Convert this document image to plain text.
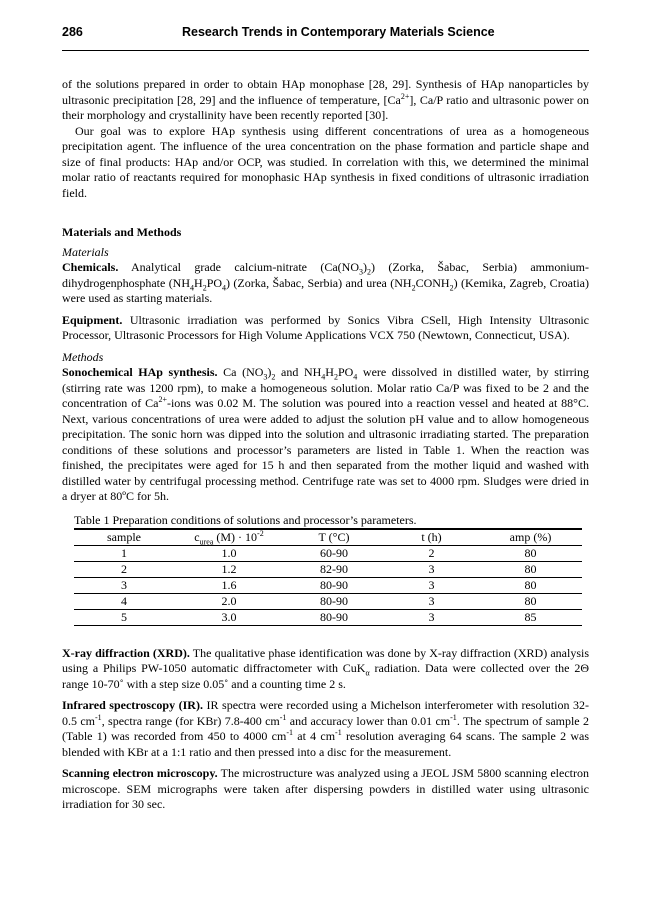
286	Research Trends in Contemporary Materials Science

of the solutions prepared in order to obtain HAp monophase [28, 29]. Synthesis of HAp nanoparticles by ultrasonic precipitation [28, 29] and the influence of temperature, $[Ca^{2+}]$, Ca/P ratio and ultrasonic power on their morphology and crystallinity have been recently reported [30].

Our goal was to explore HAp synthesis using different concentrations of urea as a homogeneous precipitation agent. The influence of the urea concentration on the phase formation and particle shape and size of final products: HAp and/or OCP, was studied. In correlation with this, we determined the minimal molar ratio of reactants required for monophasic HAp synthesis in fixed conditions of ultrasonic irradiation field.

Materials and Methods

Materials

Chemicals. Analytical grade calcium-nitrate $(Ca(NO_3)_2)$ (Zorka, Šabac, Serbia) ammonium-dihydrogenphosphate $(NH_4H_2PO_4)$ (Zorka, Šabac, Serbia) and urea $(NH_2CONH_2)$ (Kemika, Zagreb, Croatia) were used as starting materials.

Equipment. Ultrasonic irradiation was performed by Sonics Vibra CSell, High Intensity Ultrasonic Processor, Ultrasonic Processors for High Volume Applications VCX 750 (Newtown, Connecticut, USA).

Methods

Sonochemical HAp synthesis. Ca $(NO_3)_2$ and $NH_4H_2PO_4$ were dissolved in distilled water, by stirring (stirring rate was 1200 rpm), to make a homogeneous solution. Molar ratio Ca/P was fixed to be 2 and the concentration of $Ca^{2+}$-ions was 0.02 M. The solution was poured into a reaction vessel and heated at 88°C. Next, various concentrations of urea were added to adjust the solution pH value and to allow homogeneous precipitation. The sonic horn was dipped into the solution and ultrasonic irradiating started. The preparation conditions of these solutions and processor’s parameters are listed in Table 1. When the reaction was finished, the precipitates were aged for 15 h and then separated from the mother liquid and washed with distilled water by centrifugal processing method. Centrifuge rate was set to 4000 rpm. Sludges were dried in a dryer at 80ºC for 5h.

Table 1 Preparation conditions of solutions and processor’s parameters.
sample	$c_{urea}$ $(M) \cdot 10^{-2}$	T (°C)	t (h)	amp (%)
1	1.0	60-90	2	80
2	1.2	82-90	3	80
3	1.6	80-90	3	80
4	2.0	80-90	3	80
5	3.0	80-90	3	85

X-ray diffraction (XRD). The qualitative phase identification was done by X-ray diffraction (XRD) analysis using a Philips PW-1050 automatic diffractometer with CuK$_\alpha$ radiation. Data were collected over the 2Θ range 10-70˚ with a step size 0.05˚ and a counting time 2 s.

Infrared spectroscopy (IR). IR spectra were recorded using a Michelson interferometer with resolution 32-0.5 $cm^{-1}$, spectra range (for KBr) 7.8-400 $cm^{-1}$ and accuracy lower than 0.01 $cm^{-1}$. The spectrum of sample 2 (Table 1) was recorded from 450 to 4000 $cm^{-1}$ at 4 $cm^{-1}$ resolution averaging 64 scans. The sample 2 was blended with KBr at a 1:1 ratio and then pressed into a disc for the measurement.

Scanning electron microscopy. The microstructure was analyzed using a JEOL JSM 5800 scanning electron microscope. SEM micrographs were taken after dispersing powders in distilled water using ultrasonic irradiation for 30 sec.
